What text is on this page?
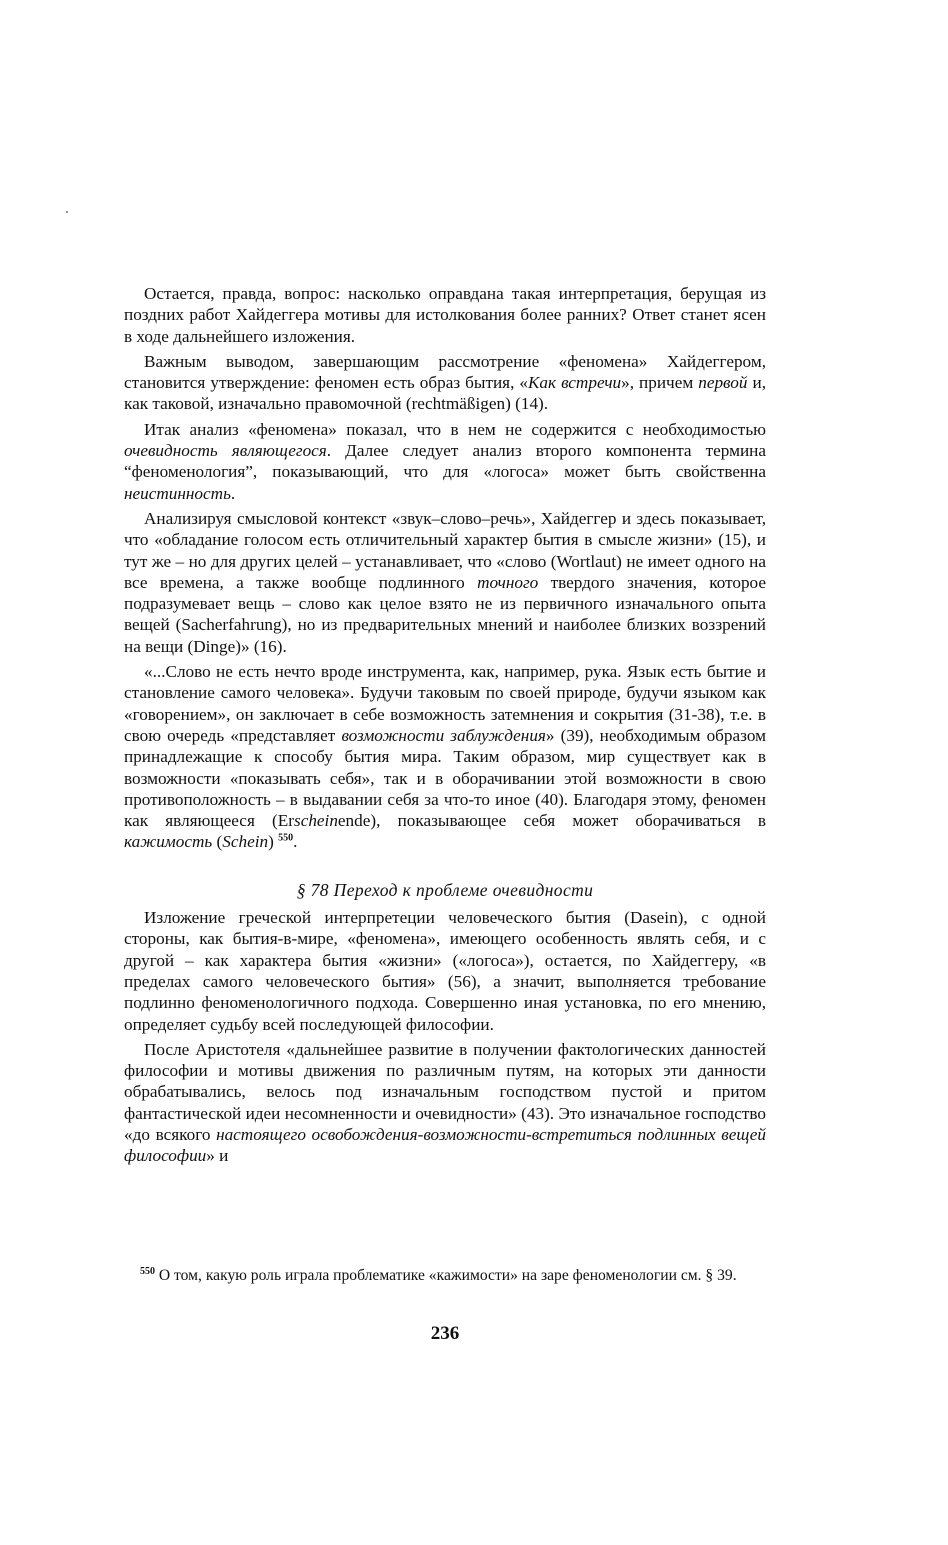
Остается, правда, вопрос: насколько оправдана такая интерпретация, берущая из поздних работ Хайдеггера мотивы для истолкования более ранних? Ответ станет ясен в ходе дальнейшего изложения.

Важным выводом, завершающим рассмотрение «феномена» Хайдеггером, становится утверждение: феномен есть образ бытия, «Как встречи», причем первой и, как таковой, изначально правомочной (rechtmäßigen) (14).

Итак анализ «феномена» показал, что в нем не содержится с необходимостью очевидность являющегося. Далее следует анализ второго компонента термина “феноменология”, показывающий, что для «логоса» может быть свойственна неистинность.

Анализируя смысловой контекст «звук–слово–речь», Хайдеггер и здесь показывает, что «обладание голосом есть отличительный характер бытия в смысле жизни» (15), и тут же – но для других целей – устанавливает, что «слово (Wortlaut) не имеет одного на все времена, а также вообще подлинного точного твердого значения, которое подразумевает вещь – слово как целое взято не из первичного изначального опыта вещей (Sacherfahrung), но из предварительных мнений и наиболее близких воззрений на вещи (Dinge)» (16).

«...Слово не есть нечто вроде инструмента, как, например, рука. Язык есть бытие и становление самого человека». Будучи таковым по своей природе, будучи языком как «говорением», он заключает в себе возможность затемнения и сокрытия (31-38), т.е. в свою очередь «представляет возможности заблуждения» (39), необходимым образом принадлежащие к способу бытия мира. Таким образом, мир существует как в возможности «показывать себя», так и в оборачивании этой возможности в свою противоположность – в выдавании себя за что-то иное (40). Благодаря этому, феномен как являющееся (Erscheinende), показывающее себя может оборачиваться в кажимость (Schein) $^{550}$.

§ 78 Переход к проблеме очевидности

Изложение греческой интерпретеции человеческого бытия (Dasein), с одной стороны, как бытия-в-мире, «феномена», имеющего особенность являть себя, и с другой – как характера бытия «жизни» («логоса»), остается, по Хайдеггеру, «в пределах самого человеческого бытия» (56), а значит, выполняется требование подлинно феноменологичного подхода. Совершенно иная установка, по его мнению, определяет судьбу всей последующей философии.

После Аристотеля «дальнейшее развитие в получении фактологических данностей философии и мотивы движения по различным путям, на которых эти данности обрабатывались, велось под изначальным господством пустой и притом фантастической идеи несомненности и очевидности» (43). Это изначальное господство «до всякого настоящего освобождения-возможности-встретиться подлинных вещей философии» и

$^{550}$ О том, какую роль играла проблематике «кажимости» на заре феноменологии см. § 39.

236
